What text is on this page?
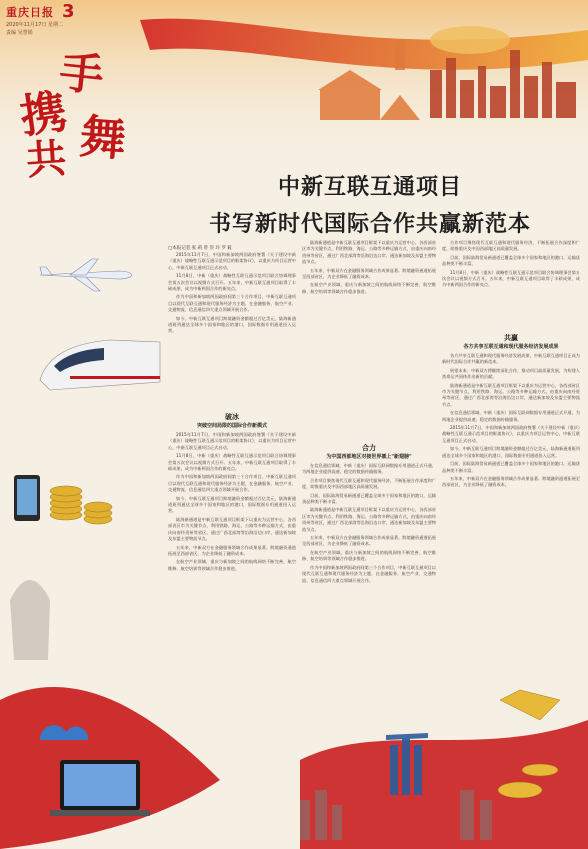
重庆日报 3
2020年11月17日 星期二
责编 吴慧娟
携
手
共 舞
中新互联互通项目
书写新时代国际合作共赢新范本
□本报记者 张 莉 曾 崇 玲 罗 筱

2015年11月7日，中国和新加坡两国政府签署《关于建设中新（重庆）战略性互联互通示范项目的框架协议》，以重庆为项目运营中心，中新互联互通项目正式启动。

11月8日，中新（重庆）战略性互联互通示范项目联合协调理事会第五次会议以视频方式召开。五年来，中新互联互通项目取得了丰硕成果，成为中新两国合作的新亮点。

作为中国和新加坡两国政府间第三个合作项目，中新互联互通项目以现代互联互通和现代服务经济为主题，在金融服务、航空产业、交通物流、信息通信四大重点领域开展合作。

如今，中新互联互通项目跨境融资金额超过百亿美元，陆海新通道班列通达全球多个国家和地区的港口，国际数据专用通道投入运营。

破冰
突破空间局限的国际合作新模式

2015年11月7日，中国和新加坡两国政府签署《关于建设中新（重庆）战略性互联互通示范项目的框架协议》，以重庆为项目运营中心，中新互联互通项目正式启动。

11月8日，中新（重庆）战略性互联互通示范项目联合协调理事会第五次会议以视频方式召开。五年来，中新互联互通项目取得了丰硕成果，成为中新两国合作的新亮点。

作为中国和新加坡两国政府间第三个合作项目，中新互联互通项目以现代互联互通和现代服务经济为主题，在金融服务、航空产业、交通物流、信息通信四大重点领域开展合作。

如今，中新互联互通项目跨境融资金额超过百亿美元，陆海新通道班列通达全球多个国家和地区的港口，国际数据专用通道投入运营。

陆海新通道是中新互联互通项目框架下以重庆为运营中心，各西部省区市为关键节点，利用铁路、海运、公路等多种运输方式，由重庆向南经贵州等省区，通过广西北部湾等沿海沿边口岸，通达新加坡及东盟主要物流节点。

五年来，中新双方在金融服务领域合作成果显著。跨境融资通道拓展至西部省区，为企业降低了融资成本。

在航空产业领域，重庆与新加坡之间的航线网络不断完善，航空维修、航空培训等领域合作稳步推进。

陆海新通道是中新互联互通项目框架下以重庆为运营中心，各西部省区市为关键节点，利用铁路、海运、公路等多种运输方式，由重庆向南经贵州等省区，通过广西北部湾等沿海沿边口岸，通达新加坡及东盟主要物流节点。

五年来，中新双方在金融服务领域合作成果显著。跨境融资通道拓展至西部省区，为企业降低了融资成本。

在航空产业领域，重庆与新加坡之间的航线网络不断完善，航空维修、航空培训等领域合作稳步推进。

合力
为中国西部地区对接世界插上"新翅膀"

在信息通信领域，中新（重庆）国际互联网数据专用通道正式开通，为两地企业提供高速、稳定的数据传输服务。

合作项目聚焦现代互联互通和现代服务经济，不断拓展合作深度和广度，助推重庆及中国西部地区高质量发展。

目前，国际陆海贸易新通道已覆盖全球多个国家和地区的港口，运输货品种类不断丰富。

陆海新通道是中新互联互通项目框架下以重庆为运营中心，各西部省区市为关键节点，利用铁路、海运、公路等多种运输方式，由重庆向南经贵州等省区，通过广西北部湾等沿海沿边口岸，通达新加坡及东盟主要物流节点。

五年来，中新双方在金融服务领域合作成果显著。跨境融资通道拓展至西部省区，为企业降低了融资成本。

在航空产业领域，重庆与新加坡之间的航线网络不断完善，航空维修、航空培训等领域合作稳步推进。

作为中国和新加坡两国政府间第三个合作项目，中新互联互通项目以现代互联互通和现代服务经济为主题，在金融服务、航空产业、交通物流、信息通信四大重点领域开展合作。

合作项目聚焦现代互联互通和现代服务经济，不断拓展合作深度和广度，助推重庆及中国西部地区高质量发展。

目前，国际陆海贸易新通道已覆盖全球多个国家和地区的港口，运输货品种类不断丰富。

11月8日，中新（重庆）战略性互联互通示范项目联合协调理事会第五次会议以视频方式召开。五年来，中新互联互通项目取得了丰硕成果，成为中新两国合作的新亮点。

共赢
各方共享互联互通和现代服务经济发展成果

各方共享互联互通和现代服务经济发展成果，中新互联互通项目正成为新时代国际合作共赢的新范本。

展望未来，中新双方将继续深化合作，推动项目高质量发展，为构建人类命运共同体作出新的贡献。

陆海新通道是中新互联互通项目框架下以重庆为运营中心，各西部省区市为关键节点，利用铁路、海运、公路等多种运输方式，由重庆向南经贵州等省区，通过广西北部湾等沿海沿边口岸，通达新加坡及东盟主要物流节点。

在信息通信领域，中新（重庆）国际互联网数据专用通道正式开通，为两地企业提供高速、稳定的数据传输服务。

2015年11月7日，中国和新加坡两国政府签署《关于建设中新（重庆）战略性互联互通示范项目的框架协议》，以重庆为项目运营中心，中新互联互通项目正式启动。

如今，中新互联互通项目跨境融资金额超过百亿美元，陆海新通道班列通达全球多个国家和地区的港口，国际数据专用通道投入运营。

目前，国际陆海贸易新通道已覆盖全球多个国家和地区的港口，运输货品种类不断丰富。

五年来，中新双方在金融服务领域合作成果显著。跨境融资通道拓展至西部省区，为企业降低了融资成本。
